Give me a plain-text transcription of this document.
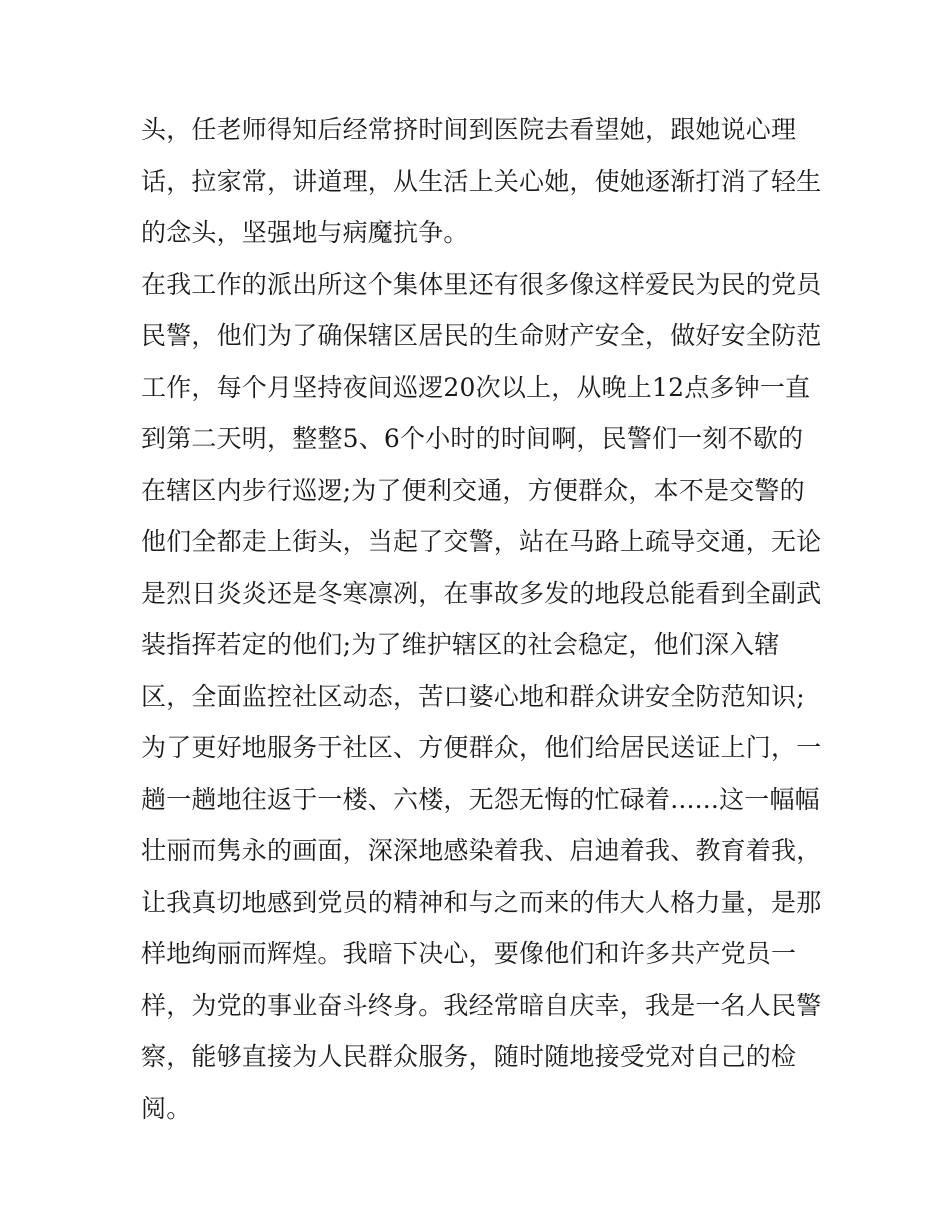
头，任老师得知后经常挤时间到医院去看望她，跟她说心理
话，拉家常，讲道理，从生活上关心她，使她逐渐打消了轻生
的念头，坚强地与病魔抗争。
在我工作的派出所这个集体里还有很多像这样爱民为民的党员
民警，他们为了确保辖区居民的生命财产安全，做好安全防范
工作，每个月坚持夜间巡逻20次以上，从晚上12点多钟一直
到第二天明，整整5、6个小时的时间啊，民警们一刻不歇的
在辖区内步行巡逻;为了便利交通，方便群众，本不是交警的
他们全都走上街头，当起了交警，站在马路上疏导交通，无论
是烈日炎炎还是冬寒凛冽，在事故多发的地段总能看到全副武
装指挥若定的他们;为了维护辖区的社会稳定，他们深入辖
区，全面监控社区动态，苦口婆心地和群众讲安全防范知识;
为了更好地服务于社区、方便群众，他们给居民送证上门，一
趟一趟地往返于一楼、六楼，无怨无悔的忙碌着......这一幅幅
壮丽而隽永的画面，深深地感染着我、启迪着我、教育着我，
让我真切地感到党员的精神和与之而来的伟大人格力量，是那
样地绚丽而辉煌。我暗下决心，要像他们和许多共产党员一
样，为党的事业奋斗终身。我经常暗自庆幸，我是一名人民警
察，能够直接为人民群众服务，随时随地接受党对自己的检
阅。
